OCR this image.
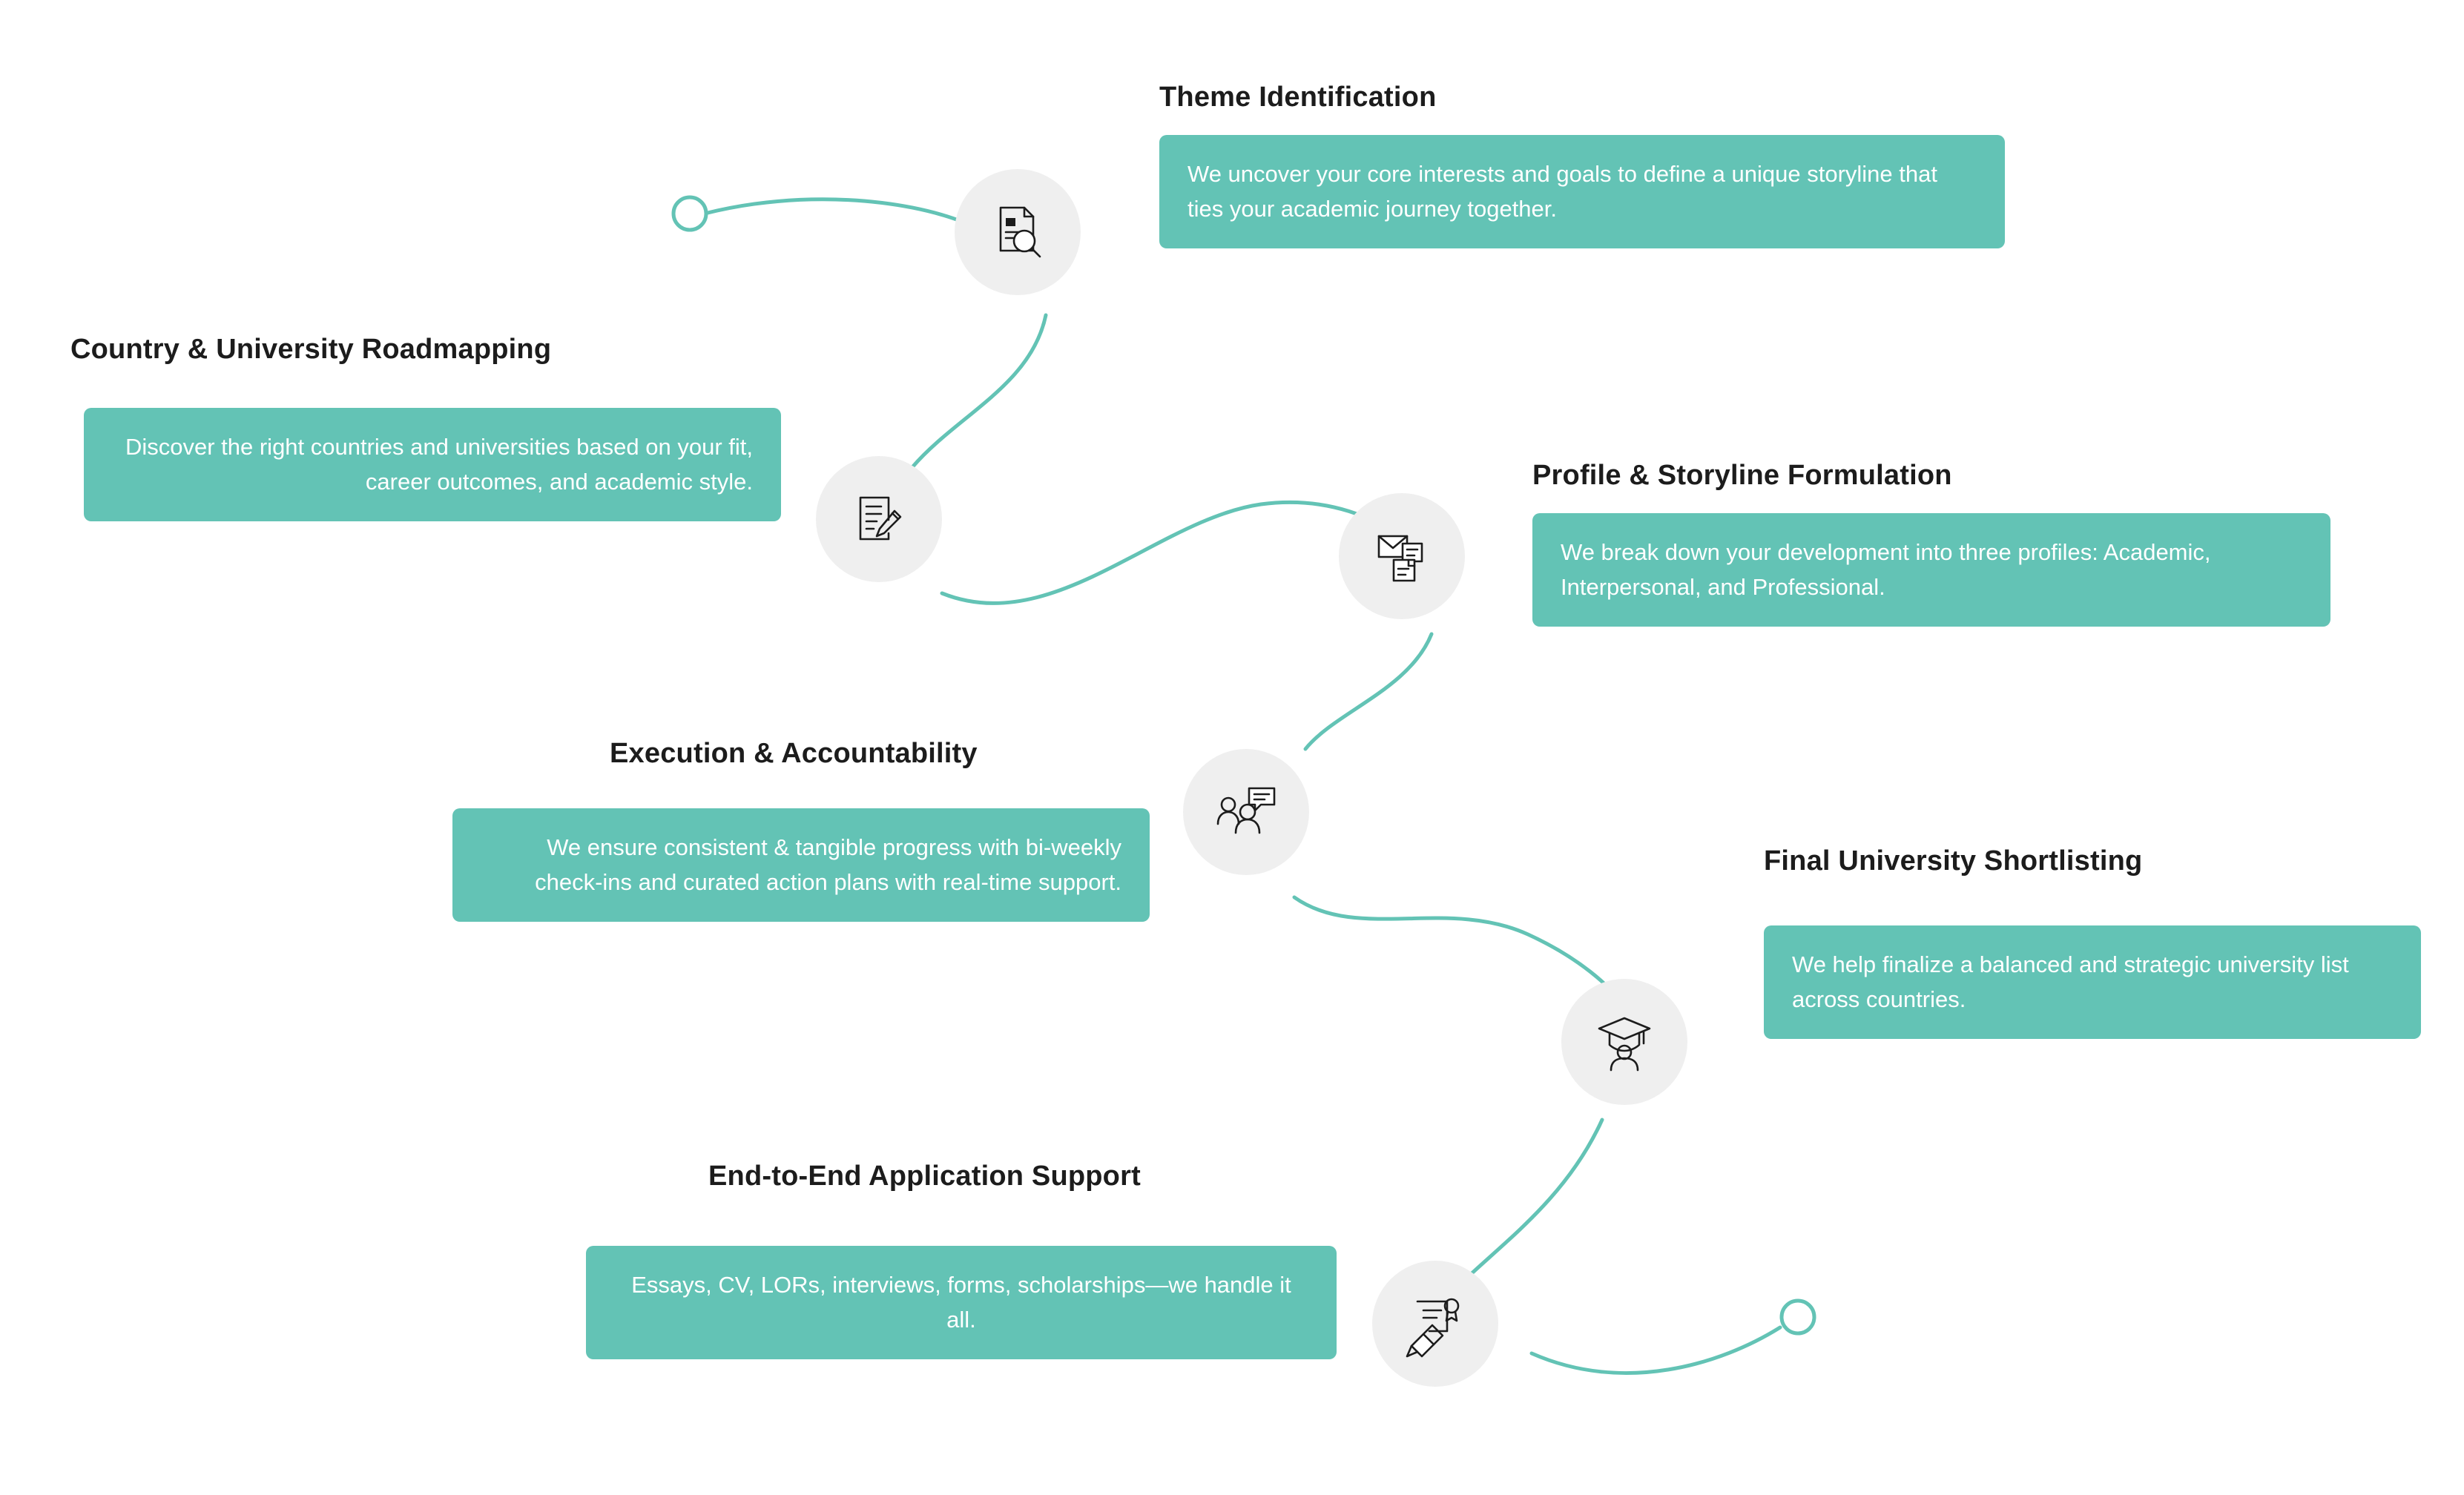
Theme Identification
We uncover your core interests and goals to define a unique storyline that ties your academic journey together.
Country & University Roadmapping
Discover the right countries and universities based on your fit, career outcomes, and academic style.	Profile & Storyline Formulation
We break down your development into three profiles: Academic, Interpersonal, and Professional.
Execution & Accountability
We ensure consistent & tangible progress with bi-weekly check-ins and curated action plans with real-time support.
Final University Shortlisting
We help finalize a balanced and strategic university list across countries.
End-to-End Application Support
Essays, CV, LORs, interviews, forms, scholarships—we handle it all.
